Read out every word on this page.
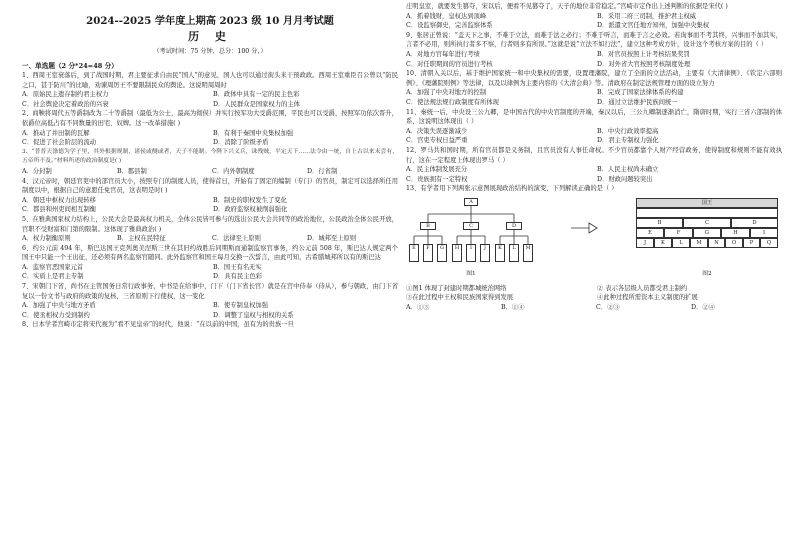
2024--2025 学年度上期高 2023 级 10 月月考试题
历 史
（考试时间：75 分钟，总分：100 分，）
一、单选题（2 分*24=48 分）
1、西周王室衰落后，到了战国时期，君主要征求自由民“国人”的意见，国人也可以通过街头来干预政政。西周王室重臣召公曾以“防民之口，甚于防川”的比喻，劝谏周厉王不要限制民众的舆论。这说明周周时
A．原始民主遗存制约君主权力	B．政体中具有一定的民主色彩
C．社会舆论决定着政治的兴衰	D．人民群众是国家权力的主体
2、商鞅将周代五等爵制改为二十等爵制（最低为公士，最高为彻侯）并实行按军功大受爵范围，平民也可以受爵，按照军功依次晋升，依爵位高低占有不同数量的田宅、奴婢。这一改革措施( )
A．推动了井田制的瓦解	B．有利于秦国中央集权加强
C．促进了社会阶层的流动	D．消除了阶级矛盾
3、“普普天涤德为学子里，其外根据规制，诸侯或侧或者，天子不能制。今陛下兴义兵，诛残贼，平定天下……法令由一统，自上古以来未尝有，五帝所不及。”材料所述的政治制度是( )
A．分封制	B．郡县制	C．内外朝制度	D．行省制
4、汉元帝时，朝廷官吏中的部官员大小，按照专门的制度人员，使得首日，开始有了固定的编制（专门）的官员，制定可以选择所任用制度以中，根据自己的意愿任免官员，这表明是时( )
A．朝廷中枢权力出现转移	B．制史的职权发生了变化
C．都县和州吏间相互制衡	D．政府监察权被削弱强化
5、在雅典国家权力结构上，公民大会是最高权力机关，全体公民皆可参与的选出公民大会共同等的政治地位，公民政治全体公民开放，官职不受财富和门第的限制。这体现了雅典政治( )
A．权力制衡原则	B．主权在民特征	C．法律至上原则	D．城邦至上原则
6、约公元前 494 年，斯巴达国王克列奥美涅斯三世在其旧约战胜后同期斯而通制监察官事务，约公元前 508 年，斯巴达人规定两个国王中只能一个王出征，还必须有两名监察官随同。此外监察官和国王每月交换一次誓言，由此可知，古希腊城邦所以有的斯巴达
A．监察官恶国家元首	B．国王有名无实
C．实质上是君主专制	D．具有民主色彩
7、宋朝门下省，尚书在主管国务日常行政事务，中书是在给事中，门下（门下省长官）就是在宫中侍奉（侍从），参与朝政，由门下省复以一份文书与政府的政策的复核，三省原则下行使权，这一变化
A．加强了中央与地方矛盾	B．使专制皇权加强
C．使丞相权力受到制约	D．调整了皇权与相权的关系
8、日本学者宫崎市定将宋代视为“看不见皇帝”的时代，他说：“在以前的中国，虽有为的贵族一旦
庄明皇室，就要发生篡夺，宋以后，便看不见篡夺了，天子的地位非常稳定。”宫崎市定作出上述判断的依据是宋代( )
A．抓着钱财，皇权达到顶峰	B．采用二府三司制，推护君主权威
C．设监察御史，完善监察体系	D．派遣文官任地方知州，加强中央集权
9、张居正曾说：“盖天下之事，不难于立法，而难于法之必行；不难于听言，而难于言之必效。若询事而不考其终，兴事而不加其实，言者不必用，则所执行者多不察，行者则多有所误。”这就是说“立法不如行法”，建立这种考成方针，设计这个考核方案的目的（ ）
A．对地方官每年进行考绩	B．对官员按照上计考核结果奖罚
C．对任职期间的官员进行考核	D．对外省大官按照考核制度处理
10、清朝入关以后，基于维护国家统一和中央集权的需要，设置理藩院，建立了全面的立法活动，主要有《大清律例》、《钦定六部则例》、《理藩院则例》等法律，以及以律例为主要内容的《大清会典》等。清政府在制定法规管理方面的设立努力
A．加强了中央对地方的控制	B．完成了国家法律体系的构建
C．使法规法规行政制度有所体现	D．通过立法维护民族间统一
11、秦统一后，中央设三公九卿，是中国古代的中央官制度的开端，秦汉以后，三公九卿制逐渐消亡，隋唐时期，实行三省六部制的体系，这说明这体现出（ ）
A．决策失误逐渐减少	B．中央行政效率提高
C．官吏专权日益严重	D．君主专制权力强化
12、罗马共和国时期，所有官员都是义务制，且官员没有人事任命权。不少官员都靠个人财产经营政务，使得制度和规则不能有效执行，这在一定程度上体现出罗马（ ）
A．民主体制发展充分	B．人民主权尚未确立
C．贵族拥有一定特权	D．财政问题较突出
13、有学者用下列两张示意图展现政治结构的演变，下列解读正确的是（ ）
A
B	C	D
E	F	G	H	I	J	K	L	M
图1
国王
B	C	D
E	F	G	H	I
J	K	L	M	N	O	P	Q
图2
①图1 体现了封建时期都城统治网络	② 表示各层级人员都受君主制约
③在此过程中王权和民族国家得到发展	④此种过程所需资本主义制度的扩展
A．①③	B．①④	C．②③	D．②④
